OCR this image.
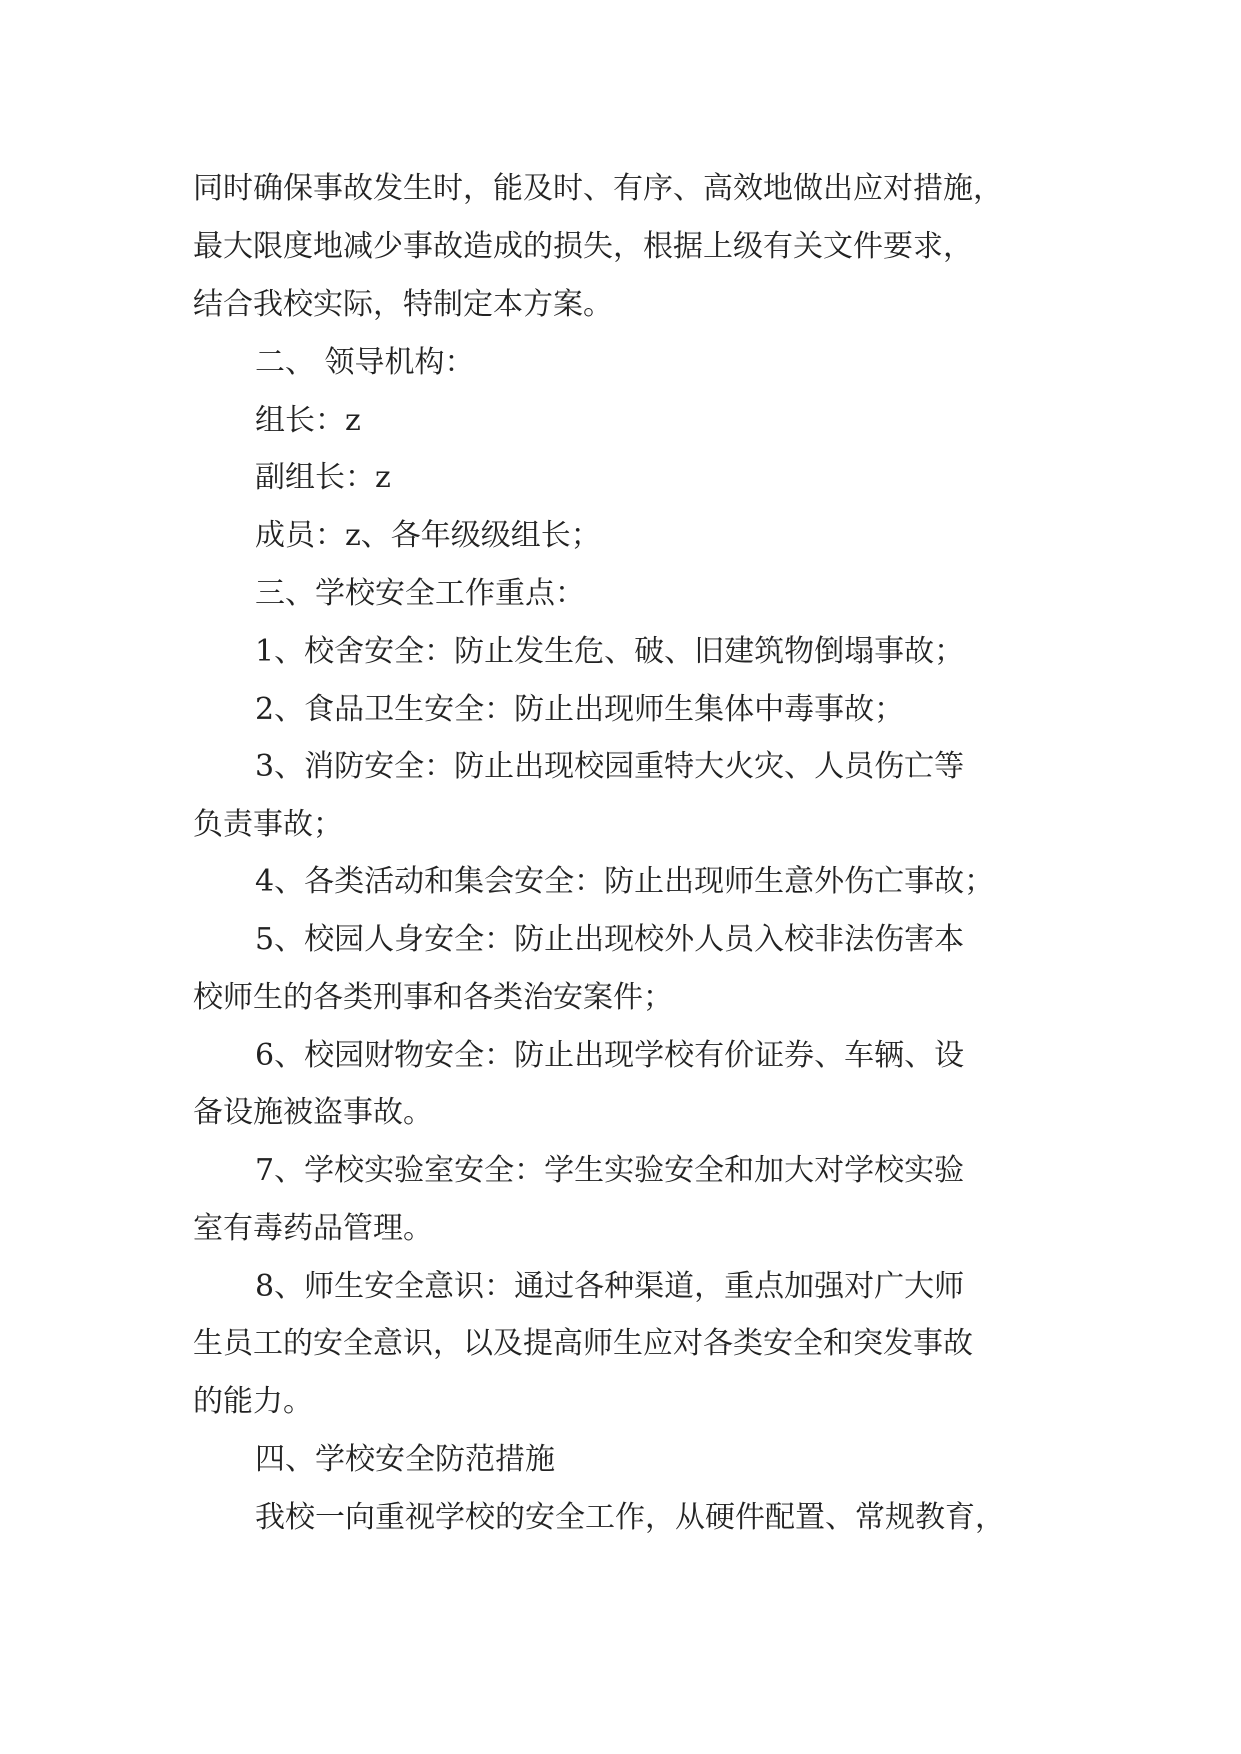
同时确保事故发生时，能及时、有序、高效地做出应对措施，

最大限度地减少事故造成的损失，根据上级有关文件要求，

结合我校实际，特制定本方案。

二、 领导机构：

组长：z

副组长：z

成员：z、各年级级组长；

三、学校安全工作重点：

1、校舍安全：防止发生危、破、旧建筑物倒塌事故；

2、食品卫生安全：防止出现师生集体中毒事故；

3、消防安全：防止出现校园重特大火灾、人员伤亡等

负责事故；

4、各类活动和集会安全：防止出现师生意外伤亡事故；

5、校园人身安全：防止出现校外人员入校非法伤害本

校师生的各类刑事和各类治安案件；

6、校园财物安全：防止出现学校有价证券、车辆、设

备设施被盗事故。

7、学校实验室安全：学生实验安全和加大对学校实验

室有毒药品管理。

8、师生安全意识：通过各种渠道，重点加强对广大师

生员工的安全意识，以及提高师生应对各类安全和突发事故

的能力。

四、学校安全防范措施

我校一向重视学校的安全工作，从硬件配置、常规教育，
